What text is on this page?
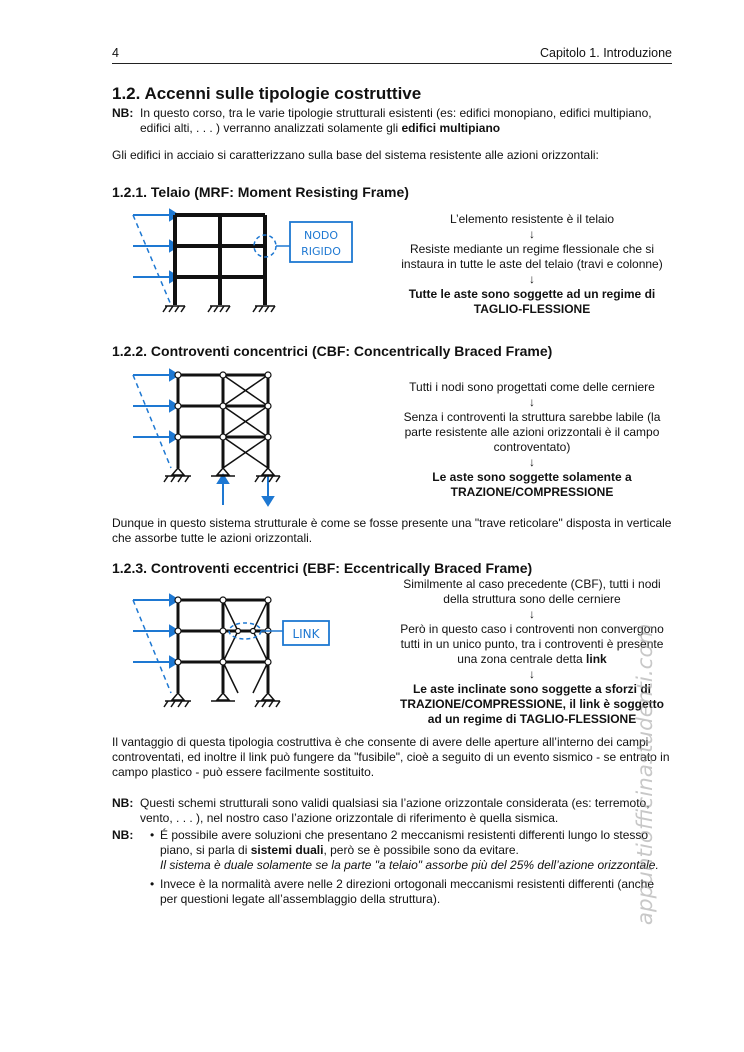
4	Capitolo 1. Introduzione
1.2. Accenni sulle tipologie costruttive
NB: In questo corso, tra le varie tipologie strutturali esistenti (es: edifici monopiano, edifici multipiano, edifici alti, . . . ) verranno analizzati solamente gli edifici multipiano
Gli edifici in acciaio si caratterizzano sulla base del sistema resistente alle azioni orizzontali:
1.2.1. Telaio (MRF: Moment Resisting Frame)
NODO
RIGIDO
L’elemento resistente è il telaio
↓
Resiste mediante un regime flessionale che si instaura in tutte le aste del telaio (travi e colonne)
↓
Tutte le aste sono soggette ad un regime di
TAGLIO-FLESSIONE
1.2.2. Controventi concentrici (CBF: Concentrically Braced Frame)
Tutti i nodi sono progettati come delle cerniere
↓
Senza i controventi la struttura sarebbe labile (la parte resistente alle azioni orizzontali è il campo controventato)
↓
Le aste sono soggette solamente a
TRAZIONE/COMPRESSIONE
Dunque in questo sistema strutturale è come se fosse presente una "trave reticolare" disposta in verticale che assorbe tutte le azioni orizzontali.
1.2.3. Controventi eccentrici (EBF: Eccentrically Braced Frame)
LINK
Similmente al caso precedente (CBF), tutti i nodi della struttura sono delle cerniere
↓
Però in questo caso i controventi non convergono tutti in un unico punto, tra i controventi è presente una zona centrale detta link
↓
Le aste inclinate sono soggette a sforzi di
TRAZIONE/COMPRESSIONE, il link è soggetto
ad un regime di TAGLIO-FLESSIONE
Il vantaggio di questa tipologia costruttiva è che consente di avere delle aperture all’interno dei campi controventati, ed inoltre il link può fungere da "fusibile", cioè a seguito di un evento sismico - se entrato in campo plastico - può essere facilmente sostituito.
NB: Questi schemi strutturali sono validi qualsiasi sia l’azione orizzontale considerata (es: terremoto, vento, . . . ), nel nostro caso l’azione orizzontale di riferimento è quella sismica.
NB: • É possibile avere soluzioni che presentano 2 meccanismi resistenti differenti lungo lo stesso piano, si parla di sistemi duali, però se è possibile sono da evitare.
Il sistema è duale solamente se la parte "a telaio" assorbe più del 25% dell’azione orizzontale.
• Invece è la normalità avere nelle 2 direzioni ortogonali meccanismi resistenti differenti (anche per questioni legate all’assemblaggio della struttura).	appuntiofficinastudenti.com
